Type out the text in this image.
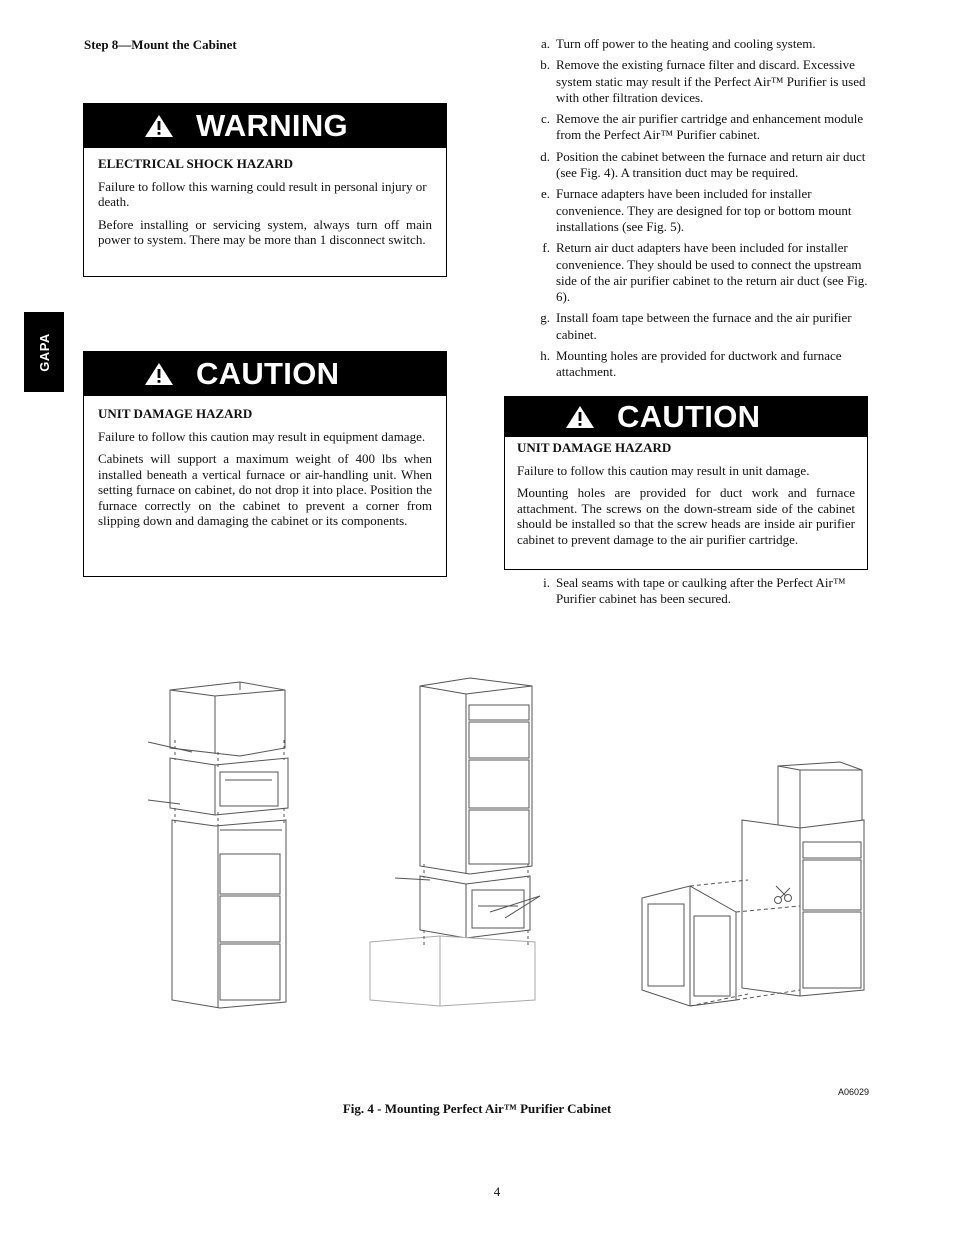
Step 8—Mount the Cabinet
GAPA
WARNING
ELECTRICAL SHOCK HAZARD

Failure to follow this warning could result in personal injury or death.

Before installing or servicing system, always turn off main power to system. There may be more than 1 disconnect switch.

CAUTION
UNIT DAMAGE HAZARD

Failure to follow this caution may result in equipment damage.

Cabinets will support a maximum weight of 400 lbs when installed beneath a vertical furnace or air-handling unit. When setting furnace on cabinet, do not drop it into place. Position the furnace correctly on the cabinet to prevent a corner from slipping down and damaging the cabinet or its components.

a. Turn off power to the heating and cooling system.
b. Remove the existing furnace filter and discard. Excessive system static may result if the Perfect Air™ Purifier is used with other filtration devices.
c. Remove the air purifier cartridge and enhancement module from the Perfect Air™ Purifier cabinet.
d. Position the cabinet between the furnace and return air duct (see Fig. 4). A transition duct may be required.
e. Furnace adapters have been included for installer convenience. They are designed for top or bottom mount installations (see Fig. 5).
f. Return air duct adapters have been included for installer convenience. They should be used to connect the upstream side of the air purifier cabinet to the return air duct (see Fig. 6).
g. Install foam tape between the furnace and the air purifier cabinet.
h. Mounting holes are provided for ductwork and furnace attachment.
CAUTION
UNIT DAMAGE HAZARD

Failure to follow this caution may result in unit damage.

Mounting holes are provided for duct work and furnace attachment. The screws on the down-stream side of the cabinet should be installed so that the screw heads are inside air purifier cabinet to prevent damage to the air purifier cartridge.

i. Seal seams with tape or caulking after the Perfect Air™ Purifier cabinet has been secured.
A06029
Fig. 4 - Mounting Perfect Air™ Purifier Cabinet
4
